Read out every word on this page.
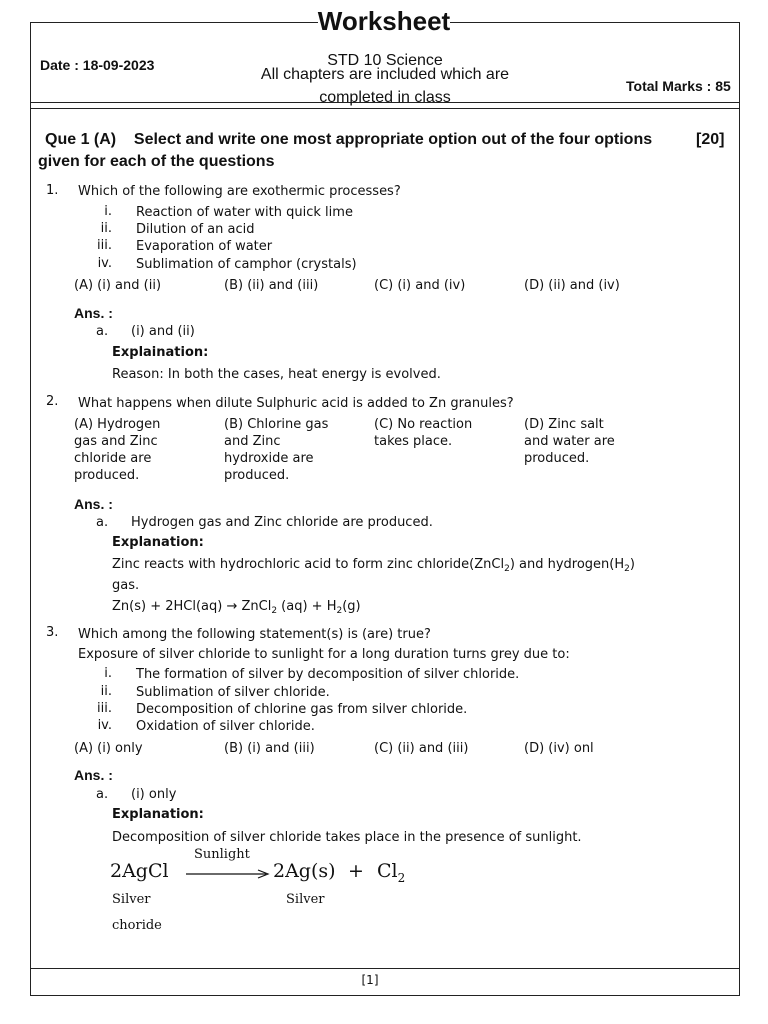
Worksheet
Date : 18-09-2023	STD 10 Science
All chapters are included which are
completed in class
Total Marks : 85
Que 1 (A)    Select and write one most appropriate option out of the four options	[20]
given for each of the questions
1. Which of the following are exothermic processes?
i. Reaction of water with quick lime
ii. Dilution of an acid
iii. Evaporation of water
iv. Sublimation of camphor (crystals)
(A) (i) and (ii)	(B) (ii) and (iii)	(C) (i) and (iv)	(D) (ii) and (iv)
Ans. :
a. (i) and (ii)
Explaination:
Reason: In both the cases, heat energy is evolved.
2. What happens when dilute Sulphuric acid is added to Zn granules?
(A) Hydrogen
gas and Zinc
chloride are
produced.
(B) Chlorine gas
and Zinc
hydroxide are
produced.
(C) No reaction
takes place.
(D) Zinc salt
and water are
produced.
Ans. :
a. Hydrogen gas and Zinc chloride are produced.
Explanation:
Zinc reacts with hydrochloric acid to form zinc chloride(ZnCl$_2$) and $hydrogen(H_2)$
gas.
Zn(s) + 2HCl(aq) → ZnCl$_2$ $(aq) + H_2(g)$
3. Which among the following statement(s) is (are) true?
Exposure of silver chloride to sunlight for a long duration turns grey due to:
i. The formation of silver by decomposition of silver chloride.
ii. Sublimation of silver chloride.
iii. Decomposition of chlorine gas from silver chloride.
iv. Oxidation of silver chloride.
(A) (i) only	(B) (i) and (iii)	(C) (ii) and (iii)	(D) (iv) onl
Ans. :
a. (i) only
Explanation:
Decomposition of silver chloride takes place in the presence of sunlight.
2AgCl
Sunlight
$2Ag(s) + Cl_2$
Silver
choride
Silver
[1]
